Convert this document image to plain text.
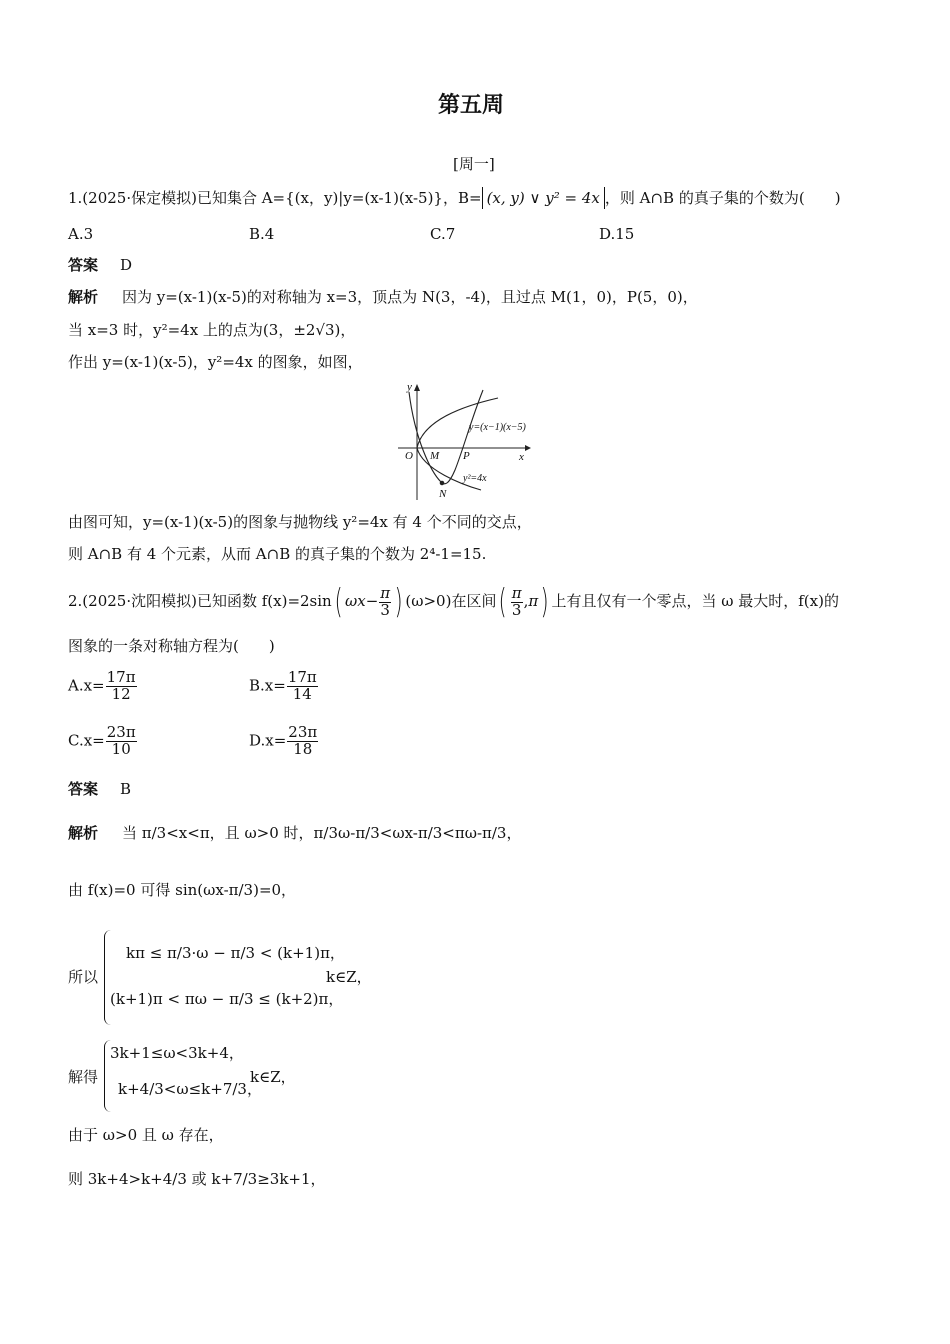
第五周
[周一]
1.(2025·保定模拟)已知集合 A={(x，y)|y=(x-1)(x-5)}，B= (x, y) ∨ y² = 4x ，则 A∩B 的真子集的个数为(　　)
A.3	B.4	C.7	D.15
答案 D
解析 因为 y=(x-1)(x-5)的对称轴为 x=3，顶点为 N(3，-4)，且过点 M(1，0)，P(5，0)，
当 x=3 时，y²=4x 上的点为(3，±2√3)，
作出 y=(x-1)(x-5)，y²=4x 的图象，如图，
y
x
O M P
N
y=(x−1)(x−5)
y²=4x
由图可知，y=(x-1)(x-5)的图象与抛物线 y²=4x 有 4 个不同的交点，
则 A∩B 有 4 个元素，从而 A∩B 的真子集的个数为 2⁴-1=15.
2.(2025·沈阳模拟)已知函数 f(x)=2sin( $\omega x- \frac{\pi}{3}$ ) (ω>0)在区间( $\frac{\pi}{3} ,\pi$) 上有且仅有一个零点，当 ω 最大时，f(x)的
图象的一条对称轴方程为(　　)
$A.x= \frac{17\pi}{12}$	$B.x= \frac{17\pi}{14}$
$C.x= \frac{23\pi}{10}$	$D.x= \frac{23\pi}{18}$
答案 B
解析 当 π/3<x<π，且 ω>0 时，π/3ω-π/3<ωx-π/3<πω-π/3，
由 f(x)=0 可得 sin(ωx-π/3)=0，
所以
kπ ≤ π/3·ω − π/3 < (k+1)π，
(k+1)π < πω − π/3 ≤ (k+2)π，
k∈Z，
解得
3k+1≤ω<3k+4，
k+4/3<ω≤k+7/3，
k∈Z，
由于 ω>0 且 ω 存在，
则 3k+4>k+4/3 或 k+7/3≥3k+1，
